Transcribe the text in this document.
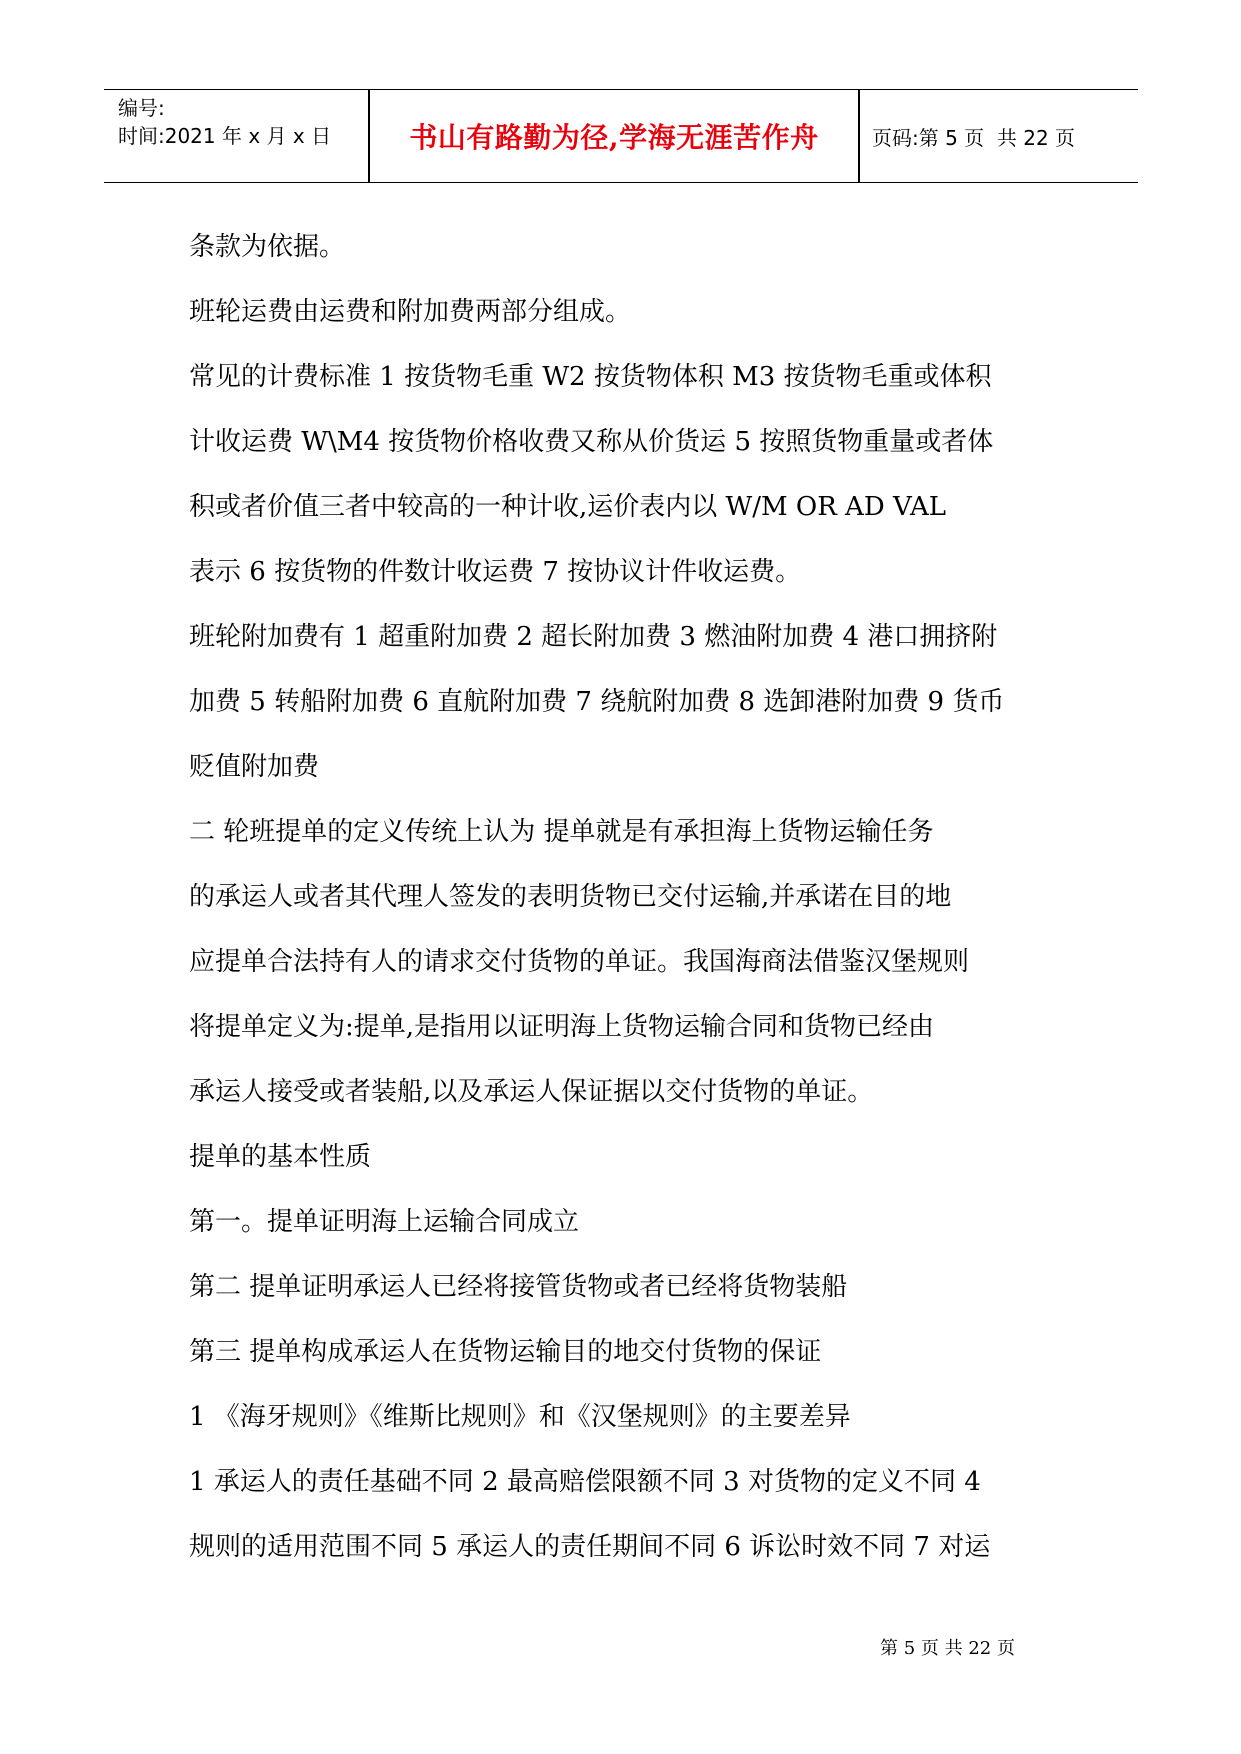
编号:
时间:2021 年 x 月 x 日	书山有路勤为径,学海无涯苦作舟	页码:第 5 页  共 22 页

条款为依据。

班轮运费由运费和附加费两部分组成。

常见的计费标准 1 按货物毛重 W2 按货物体积 M3 按货物毛重或体积

计收运费 W\M4 按货物价格收费又称从价货运 5 按照货物重量或者体

积或者价值三者中较高的一种计收,运价表内以 W/M OR AD VAL

表示 6 按货物的件数计收运费 7 按协议计件收运费。

班轮附加费有 1 超重附加费 2 超长附加费 3 燃油附加费 4 港口拥挤附

加费 5 转船附加费 6 直航附加费 7 绕航附加费 8 选卸港附加费 9 货币

贬值附加费

二 轮班提单的定义传统上认为 提单就是有承担海上货物运输任务

的承运人或者其代理人签发的表明货物已交付运输,并承诺在目的地

应提单合法持有人的请求交付货物的单证。我国海商法借鉴汉堡规则

将提单定义为:提单,是指用以证明海上货物运输合同和货物已经由

承运人接受或者装船,以及承运人保证据以交付货物的单证。

提单的基本性质

第一。提单证明海上运输合同成立

第二 提单证明承运人已经将接管货物或者已经将货物装船

第三 提单构成承运人在货物运输目的地交付货物的保证

1 《海牙规则》《维斯比规则》和《汉堡规则》的主要差异

1 承运人的责任基础不同 2 最高赔偿限额不同 3 对货物的定义不同 4

规则的适用范围不同 5 承运人的责任期间不同 6 诉讼时效不同 7 对运

第 5 页 共 22 页
